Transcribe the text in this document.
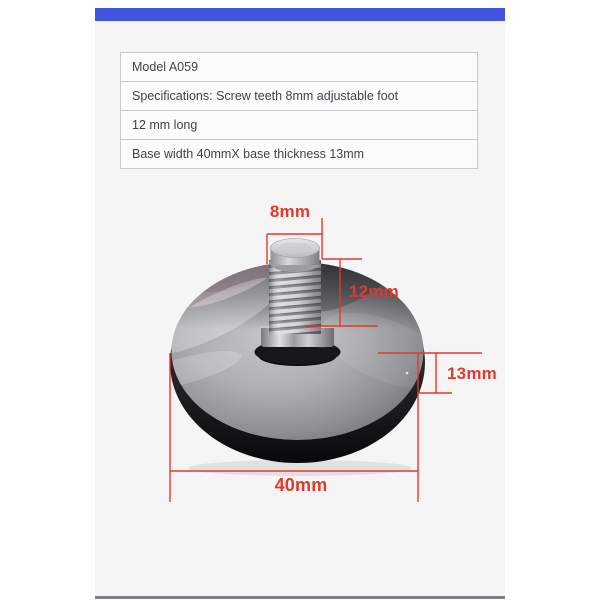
8mm
12mm
13mm
40mm
Model A059
Specifications: Screw teeth 8mm adjustable foot
12 mm long
Base width 40mmX base thickness 13mm
